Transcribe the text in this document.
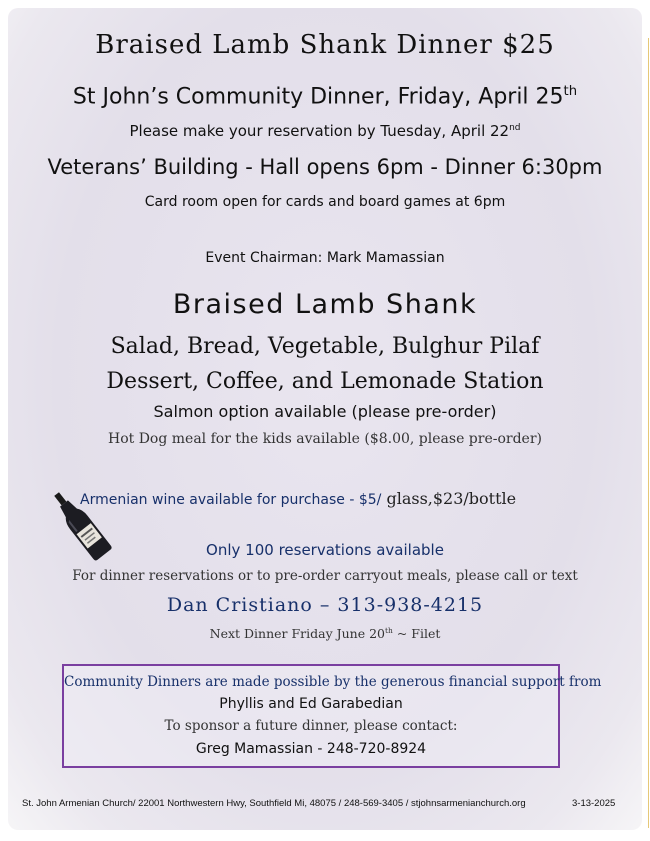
Braised Lamb Shank Dinner $25
St John’s Community Dinner, Friday, April 25th
Please make your reservation by Tuesday, April 22nd
Veterans’ Building - Hall opens 6pm - Dinner 6:30pm
Card room open for cards and board games at 6pm
Event Chairman: Mark Mamassian
Braised Lamb Shank
Salad, Bread, Vegetable, Bulghur Pilaf
Dessert, Coffee, and Lemonade Station
Salmon option available (please pre-order)
Hot Dog meal for the kids available ($8.00, please pre-order)
Armenian wine available for purchase - $5/ glass,$23/bottle
Only 100 reservations available
For dinner reservations or to pre-order carryout meals, please call or text
Dan Cristiano – 313-938-4215
Next Dinner Friday June 20th ~ Filet
Community Dinners are made possible by the generous financial support from
Phyllis and Ed Garabedian
To sponsor a future dinner, please contact:
Greg Mamassian - 248-720-8924
St. John Armenian Church/ 22001 Northwestern Hwy, Southfield Mi, 48075 / 248-569-3405 / stjohnsarmenianchurch.org	3-13-2025
